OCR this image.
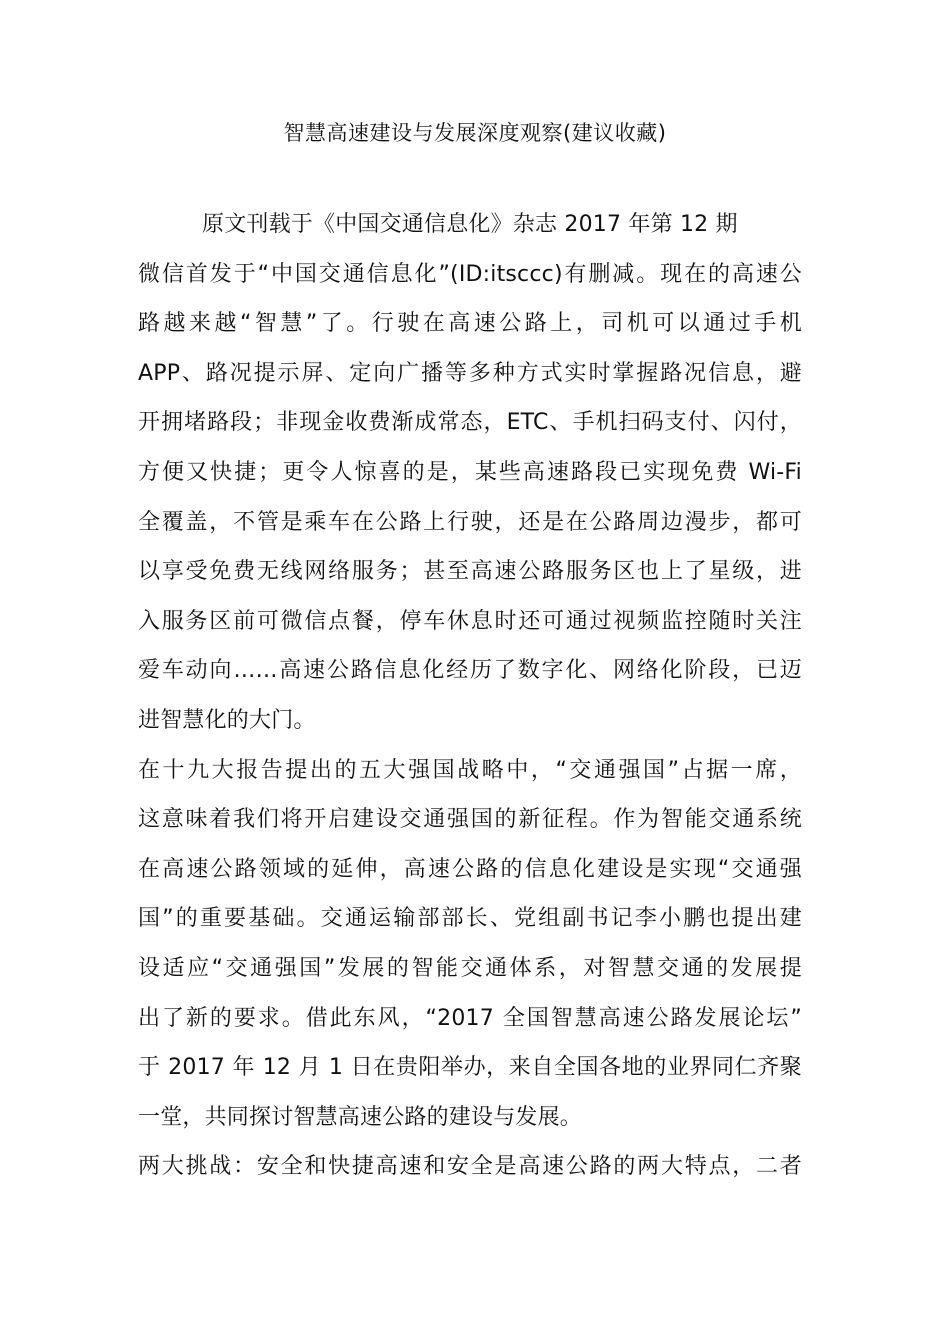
智慧高速建设与发展深度观察(建议收藏)
原文刊载于《中国交通信息化》杂志 2017 年第 12 期
微信首发于“中国交通信息化”(ID:itsccc)有删减。现在的高速公
路越来越“智慧”了。行驶在高速公路上，司机可以通过手机
APP、路况提示屏、定向广播等多种方式实时掌握路况信息，避
开拥堵路段；非现金收费渐成常态，ETC、手机扫码支付、闪付，
方便又快捷；更令人惊喜的是，某些高速路段已实现免费 Wi-Fi
全覆盖，不管是乘车在公路上行驶，还是在公路周边漫步，都可
以享受免费无线网络服务；甚至高速公路服务区也上了星级，进
入服务区前可微信点餐，停车休息时还可通过视频监控随时关注
爱车动向……高速公路信息化经历了数字化、网络化阶段，已迈
进智慧化的大门。
在十九大报告提出的五大强国战略中，“交通强国”占据一席，
这意味着我们将开启建设交通强国的新征程。作为智能交通系统
在高速公路领域的延伸，高速公路的信息化建设是实现“交通强
国”的重要基础。交通运输部部长、党组副书记李小鹏也提出建
设适应“交通强国”发展的智能交通体系，对智慧交通的发展提
出了新的要求。借此东风，“2017 全国智慧高速公路发展论坛”
于 2017 年 12 月 1 日在贵阳举办，来自全国各地的业界同仁齐聚
一堂，共同探讨智慧高速公路的建设与发展。
两大挑战：安全和快捷高速和安全是高速公路的两大特点，二者
